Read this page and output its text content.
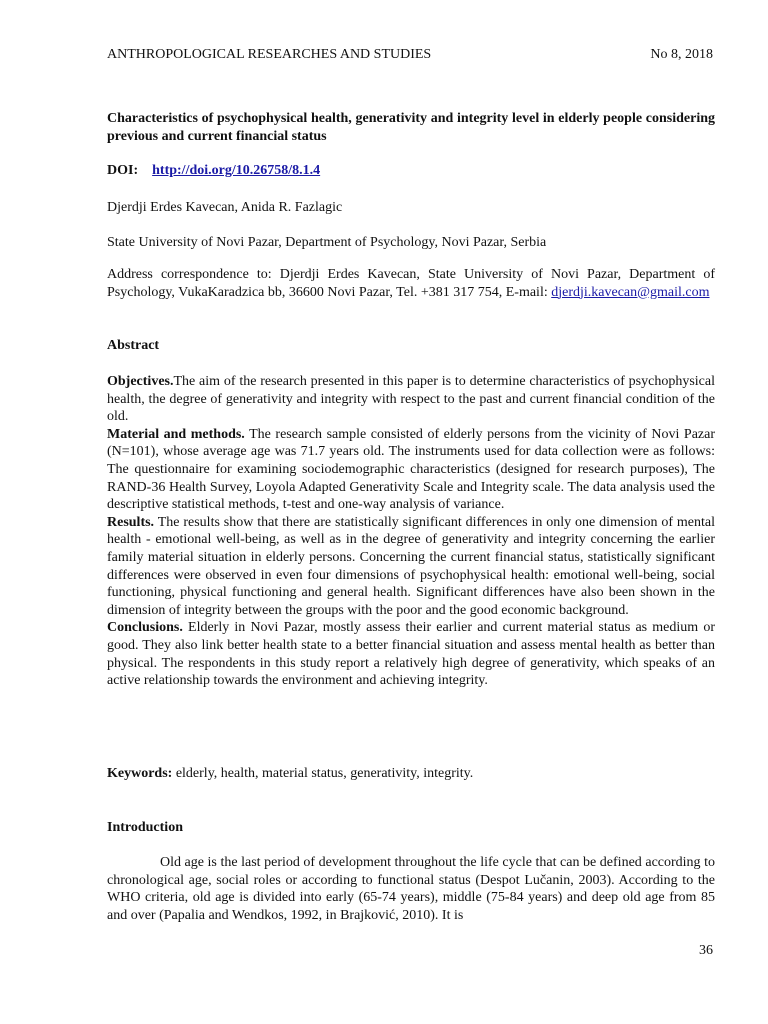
ANTHROPOLOGICAL RESEARCHES AND STUDIES	No 8, 2018
Characteristics of psychophysical health, generativity and integrity level in elderly people considering previous and current financial status
DOI: http://doi.org/10.26758/8.1.4
Djerdji Erdes Kavecan, Anida R. Fazlagic
State University of Novi Pazar, Department of Psychology, Novi Pazar, Serbia
Address correspondence to: Djerdji Erdes Kavecan, State University of Novi Pazar, Department of Psychology, VukaKaradzica bb, 36600 Novi Pazar, Tel. +381 317 754, E-mail: djerdji.kavecan@gmail.com
Abstract

Objectives.The aim of the research presented in this paper is to determine characteristics of psychophysical health, the degree of generativity and integrity with respect to the past and current financial condition of the old.

Material and methods. The research sample consisted of elderly persons from the vicinity of Novi Pazar (N=101), whose average age was 71.7 years old. The instruments used for data collection were as follows: The questionnaire for examining sociodemographic characteristics (designed for research purposes), The RAND-36 Health Survey, Loyola Adapted Generativity Scale and Integrity scale. The data analysis used the descriptive statistical methods, t-test and one-way analysis of variance.

Results. The results show that there are statistically significant differences in only one dimension of mental health - emotional well-being, as well as in the degree of generativity and integrity concerning the earlier family material situation in elderly persons. Concerning the current financial status, statistically significant differences were observed in even four dimensions of psychophysical health: emotional well-being, social functioning, physical functioning and general health. Significant differences have also been shown in the dimension of integrity between the groups with the poor and the good economic background.

Conclusions. Elderly in Novi Pazar, mostly assess their earlier and current material status as medium or good. They also link better health state to a better financial situation and assess mental health as better than physical. The respondents in this study report a relatively high degree of generativity, which speaks of an active relationship towards the environment and achieving integrity.

Keywords: elderly, health, material status, generativity, integrity.
Introduction

Old age is the last period of development throughout the life cycle that can be defined according to chronological age, social roles or according to functional status (Despot Lučanin, 2003). According to the WHO criteria, old age is divided into early (65-74 years), middle (75-84 years) and deep old age from 85 and over (Papalia and Wendkos, 1992, in Brajković, 2010). It is

36
